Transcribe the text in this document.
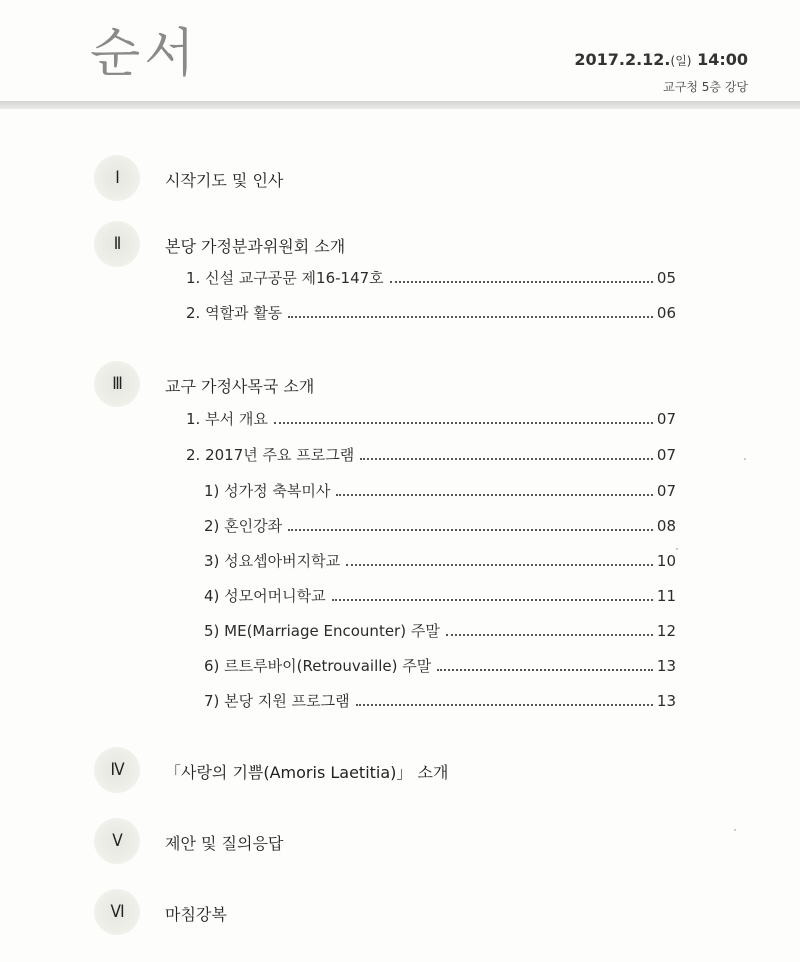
순서	2017.2.12.(일) 14:00
교구청 5층 강당
Ⅰ	시작기도 및 인사
Ⅱ	본당 가정분과위원회 소개
1. 신설 교구공문 제16-147호	05
2. 역할과 활동	06
Ⅲ	교구 가정사목국 소개
1. 부서 개요	07
2. 2017년 주요 프로그램	07
1) 성가정 축복미사	07
2) 혼인강좌	08
3) 성요셉아버지학교	10
4) 성모어머니학교	11
5) ME(Marriage Encounter) 주말	12
6) 르트루바이(Retrouvaille) 주말	13
7) 본당 지원 프로그램	13
Ⅳ	「사랑의 기쁨(Amoris Laetitia)」 소개
Ⅴ	제안 및 질의응답
Ⅵ	마침강복
